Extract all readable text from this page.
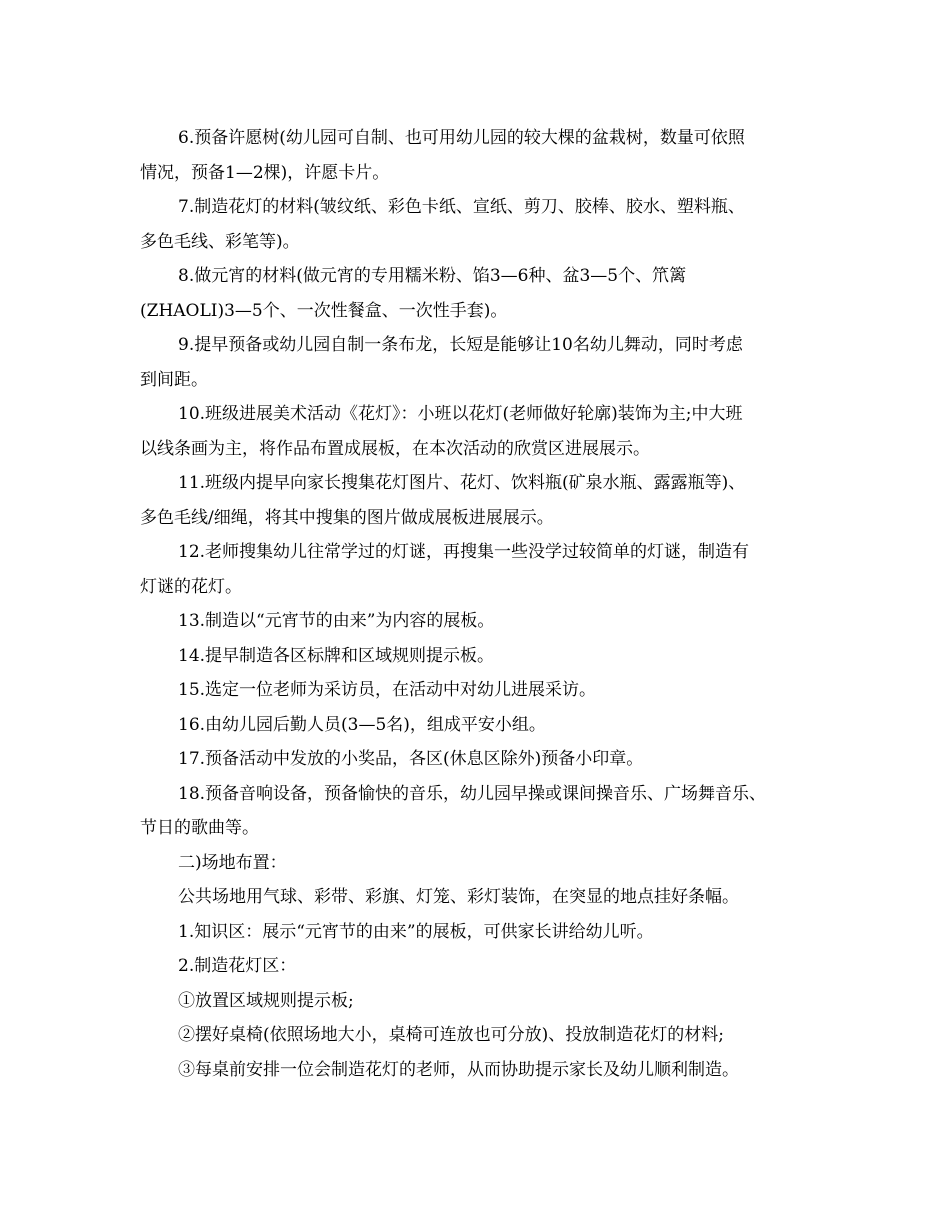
6.预备许愿树(幼儿园可自制、也可用幼儿园的较大棵的盆栽树，数量可依照
情况，预备1—2棵)，许愿卡片。
7.制造花灯的材料(皱纹纸、彩色卡纸、宣纸、剪刀、胶棒、胶水、塑料瓶、
多色毛线、彩笔等)。
8.做元宵的材料(做元宵的专用糯米粉、馅3—6种、盆3—5个、笊篱
(ZHAOLI)3—5个、一次性餐盒、一次性手套)。
9.提早预备或幼儿园自制一条布龙，长短是能够让10名幼儿舞动，同时考虑
到间距。
10.班级进展美术活动《花灯》：小班以花灯(老师做好轮廓)装饰为主;中大班
以线条画为主，将作品布置成展板，在本次活动的欣赏区进展展示。
11.班级内提早向家长搜集花灯图片、花灯、饮料瓶(矿泉水瓶、露露瓶等)、
多色毛线/细绳，将其中搜集的图片做成展板进展展示。
12.老师搜集幼儿往常学过的灯谜，再搜集一些没学过较简单的灯谜，制造有
灯谜的花灯。
13.制造以“元宵节的由来”为内容的展板。
14.提早制造各区标牌和区域规则提示板。
15.选定一位老师为采访员，在活动中对幼儿进展采访。
16.由幼儿园后勤人员(3—5名)，组成平安小组。
17.预备活动中发放的小奖品，各区(休息区除外)预备小印章。
18.预备音响设备，预备愉快的音乐，幼儿园早操或课间操音乐、广场舞音乐、
节日的歌曲等。
二)场地布置：
公共场地用气球、彩带、彩旗、灯笼、彩灯装饰，在突显的地点挂好条幅。
1.知识区：展示“元宵节的由来”的展板，可供家长讲给幼儿听。
2.制造花灯区：
①放置区域规则提示板;
②摆好桌椅(依照场地大小，桌椅可连放也可分放)、投放制造花灯的材料;
③每桌前安排一位会制造花灯的老师，从而协助提示家长及幼儿顺利制造。
